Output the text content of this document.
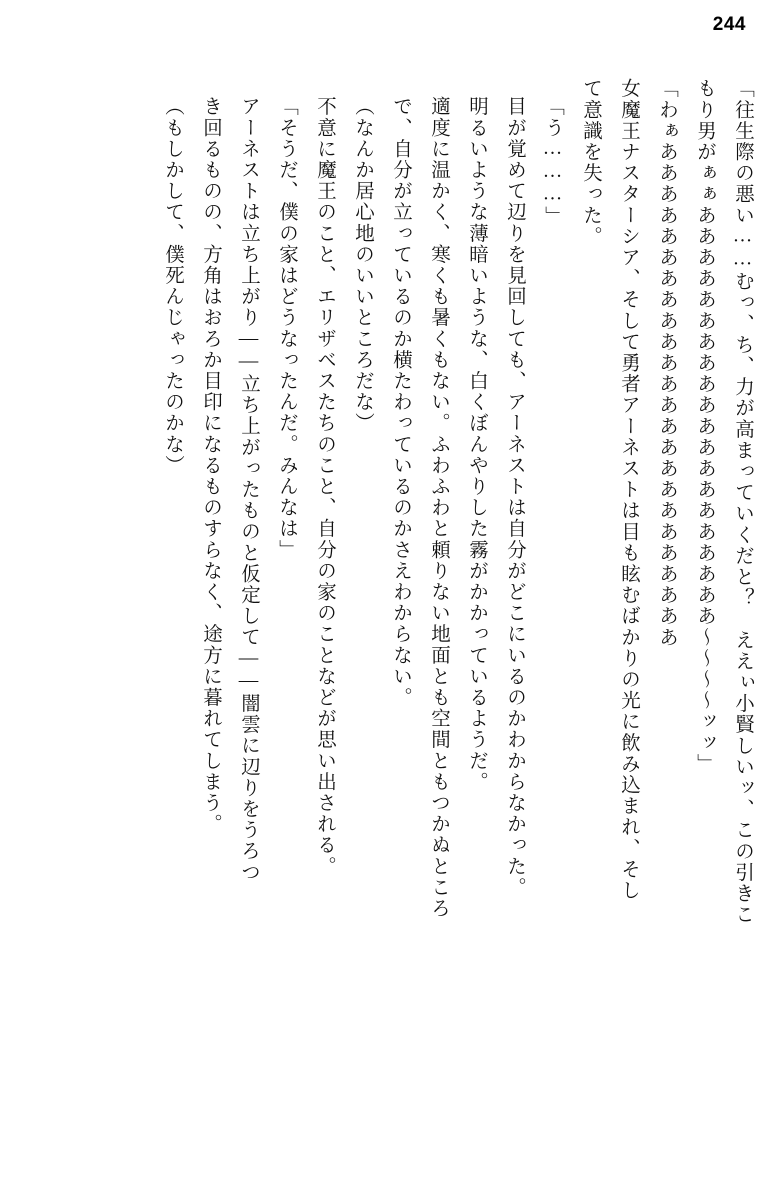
244
「往生際の悪い……むっ、ち、力が高まっていくだと？　ええぃ小賢しいッ、この引きこ
もり男がぁぁああああああああああああああああああああ～～～～ッッ」
「わぁああああああああああああああああああああああああ
女魔王ナスターシア、そして勇者アーネストは目も眩むばかりの光に飲み込まれ、そし
て意識を失った。
「う………」
目が覚めて辺りを見回しても、アーネストは自分がどこにいるのかわからなかった。
明るいような薄暗いような、白くぼんやりした霧がかかっているようだ。
適度に温かく、寒くも暑くもない。ふわふわと頼りない地面とも空間ともつかぬところ
で、自分が立っているのか横たわっているのかさえわからない。
（なんか居心地のいいところだな）
不意に魔王のこと、エリザベスたちのこと、自分の家のことなどが思い出される。
「そうだ、僕の家はどうなったんだ。みんなは」
アーネストは立ち上がり——立ち上がったものと仮定して——闇雲に辺りをうろつ
き回るものの、方角はおろか目印になるものすらなく、途方に暮れてしまう。
（もしかして、僕死んじゃったのかな）
